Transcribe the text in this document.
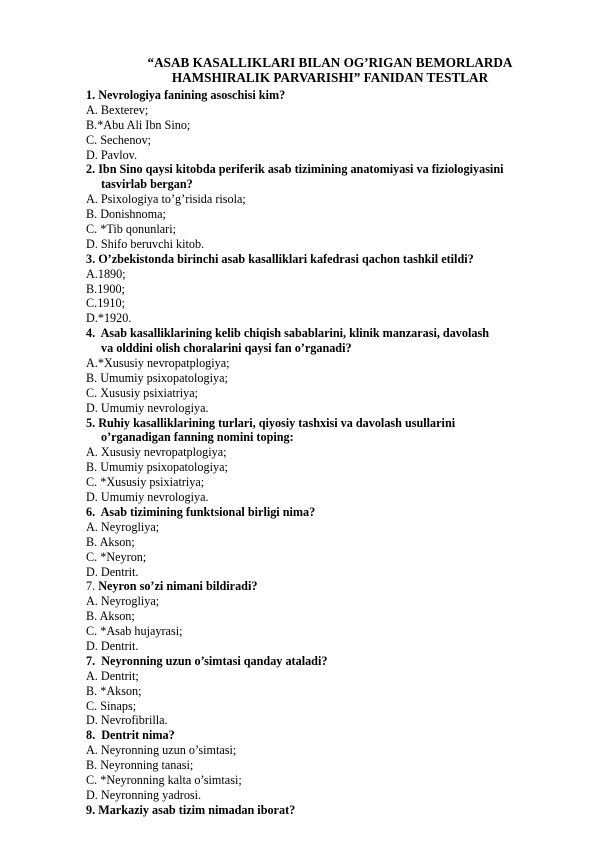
“ASAB KASALLIKLARI BILAN OG’RIGAN BEMORLARDA
HAMSHIRALIK PARVARISHI” FANIDAN TESTLAR
1. Nevrologiya fanining asoschisi kim?
A. Bexterev;
B.*Abu Ali Ibn Sino;
C. Sechenov;
D. Pavlov.
2. Ibn Sino qaysi kitobda periferik asab tizimining anatomiyasi va fiziologiyasini
tasvirlab bergan?
A. Psixologiya to’g’risida risola;
B. Donishnoma;
C. *Tib qonunlari;
D. Shifo beruvchi kitob.
3. O’zbekistonda birinchi asab kasalliklari kafedrasi qachon tashkil etildi?
A.1890;
B.1900;
C.1910;
D.*1920.
4. Asab kasalliklarining kelib chiqish sabablarini, klinik manzarasi, davolash
va olddini olish choralarini qaysi fan o’rganadi?
A.*Xususiy nevropatplogiya;
B. Umumiy psixopatologiya;
C. Xususiy psixiatriya;
D. Umumiy nevrologiya.
5. Ruhiy kasalliklarining turlari, qiyosiy tashxisi va davolash usullarini
o’rganadigan fanning nomini toping:
A. Xususiy nevropatplogiya;
B. Umumiy psixopatologiya;
C. *Xususiy psixiatriya;
D. Umumiy nevrologiya.
6. Asab tizimining funktsional birligi nima?
A. Neyrogliya;
B. Akson;
C. *Neyron;
D. Dentrit.
7. Neyron so’zi nimani bildiradi?
A. Neyrogliya;
B. Akson;
C. *Asab hujayrasi;
D. Dentrit.
7. Neyronning uzun o’simtasi qanday ataladi?
A. Dentrit;
B. *Akson;
C. Sinaps;
D. Nevrofibrilla.
8. Dentrit nima?
A. Neyronning uzun o’simtasi;
B. Neyronning tanasi;
C. *Neyronning kalta o’simtasi;
D. Neyronning yadrosi.
9. Markaziy asab tizim nimadan iborat?
